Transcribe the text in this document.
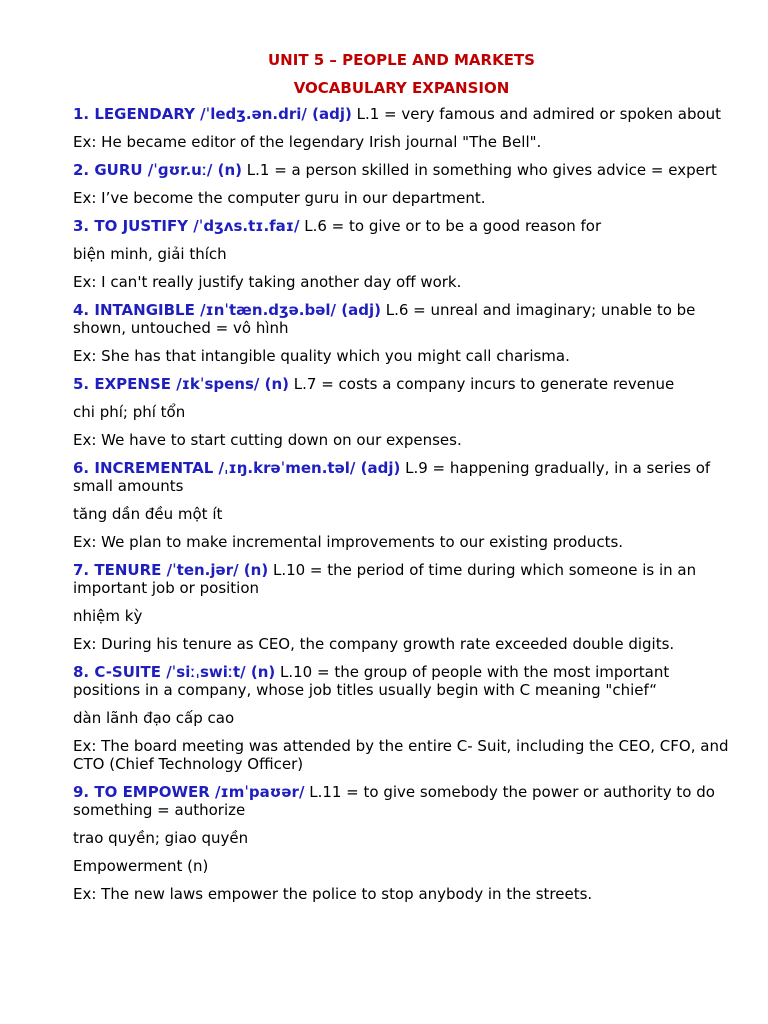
UNIT 5 – PEOPLE AND MARKETS
VOCABULARY EXPANSION

1. LEGENDARY /ˈledʒ.ən.dri/ (adj) L.1 = very famous and admired or spoken about

Ex: He became editor of the legendary Irish journal "The Bell".

2. GURU /ˈɡʊr.uː/ (n) L.1 = a person skilled in something who gives advice = expert

Ex: I’ve become the computer guru in our department.

3. TO JUSTIFY /ˈdʒʌs.tɪ.faɪ/ L.6 = to give or to be a good reason for

biện minh, giải thích

Ex: I can't really justify taking another day off work.

4. INTANGIBLE /ɪnˈtæn.dʒə.bəl/ (adj) L.6 = unreal and imaginary; unable to be shown, untouched = vô hình

Ex: She has that intangible quality which you might call charisma.

5. EXPENSE /ɪkˈspens/ (n) L.7 = costs a company incurs to generate revenue

chi phí; phí tổn

Ex: We have to start cutting down on our expenses.

6. INCREMENTAL /ˌɪŋ.krəˈmen.təl/ (adj) L.9 = happening gradually, in a series of small amounts

tăng dần đều một ít

Ex: We plan to make incremental improvements to our existing products.

7. TENURE /ˈten.jər/ (n) L.10 = the period of time during which someone is in an important job or position

nhiệm kỳ

Ex: During his tenure as CEO, the company growth rate exceeded double digits.

8. C-SUITE /ˈsiːˌswiːt/ (n) L.10 = the group of people with the most important positions in a company, whose job titles usually begin with C meaning "chief“

dàn lãnh đạo cấp cao

Ex: The board meeting was attended by the entire C- Suit, including the CEO, CFO, and CTO (Chief Technology Officer)

9. TO EMPOWER /ɪmˈpaʊər/ L.11 = to give somebody the power or authority to do something = authorize

trao quyền; giao quyền

Empowerment (n)

Ex: The new laws empower the police to stop anybody in the streets.
